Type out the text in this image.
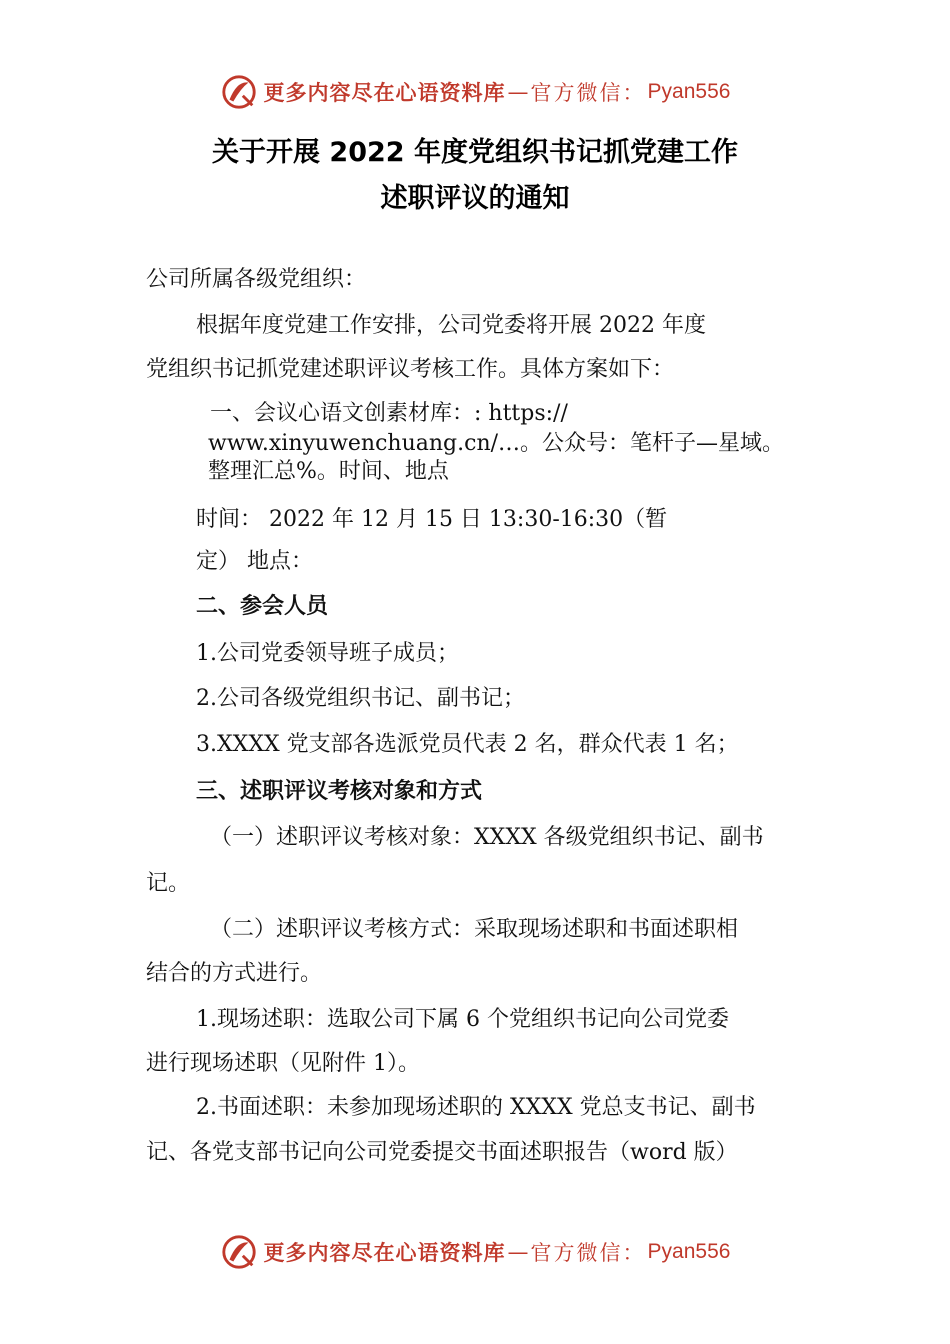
更多内容尽在心语资料库 — 官方微信： Pyan556
关于开展 2022 年度党组织书记抓党建工作
述职评议的通知
公司所属各级党组织：
根据年度党建工作安排，公司党委将开展 2022 年度
党组织书记抓党建述职评议考核工作。具体方案如下：
一、会议心语文创素材库：: https://
www.xinyuwenchuang.cn/…。公众号：笔杆子—星域。
整理汇总%。时间、地点
时间： 2022 年 12 月 15 日 13:30-16:30（暂
定） 地点：
二、参会人员
1.公司党委领导班子成员；
2.公司各级党组织书记、副书记；
3.XXXX 党支部各选派党员代表 2 名，群众代表 1 名；
三、述职评议考核对象和方式
（一）述职评议考核对象：XXXX 各级党组织书记、副书
记。
（二）述职评议考核方式：采取现场述职和书面述职相
结合的方式进行。
1.现场述职：选取公司下属 6 个党组织书记向公司党委
进行现场述职（见附件 1）。
2.书面述职：未参加现场述职的 XXXX 党总支书记、副书
记、各党支部书记向公司党委提交书面述职报告（word 版）
更多内容尽在心语资料库 — 官方微信： Pyan556
